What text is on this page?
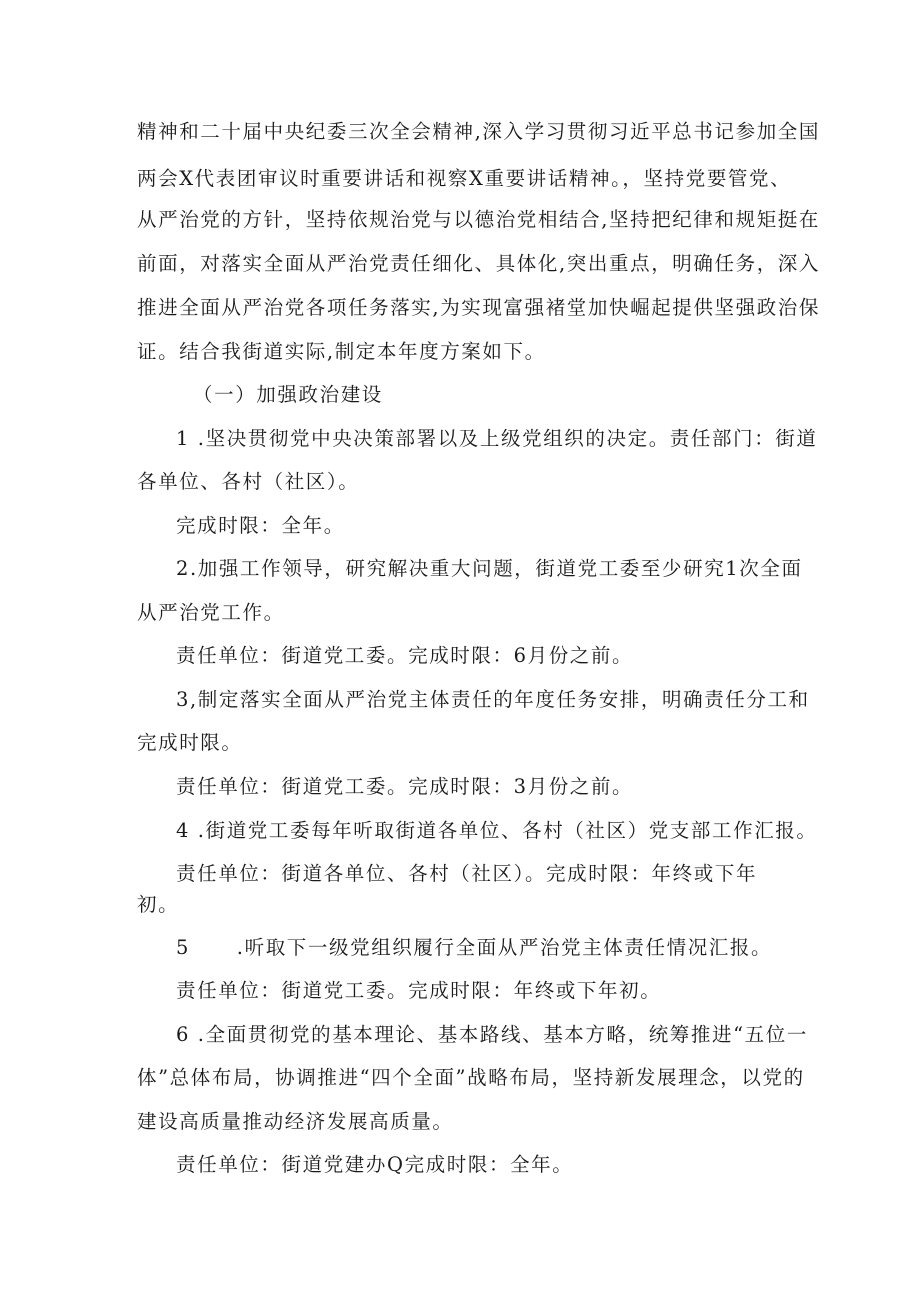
精神和二十届中央纪委三次全会精神,深入学习贯彻习近平总书记参加全国
两会X代表团审议时重要讲话和视察X重要讲话精神。，坚持党要管党、
从严治党的方针，坚持依规治党与以德治党相结合,坚持把纪律和规矩挺在
前面，对落实全面从严治党责任细化、具体化,突出重点，明确任务，深入
推进全面从严治党各项任务落实,为实现富强褚堂加快崛起提供坚强政治保
证。结合我街道实际,制定本年度方案如下。
（一）加强政治建设
1 .坚决贯彻党中央决策部署以及上级党组织的决定。责任部门：街道
各单位、各村（社区）。
完成时限：全年。
2.加强工作领导，研究解决重大问题，街道党工委至少研究1次全面
从严治党工作。
责任单位：街道党工委。完成时限：6月份之前。
3,制定落实全面从严治党主体责任的年度任务安排，明确责任分工和
完成时限。
责任单位：街道党工委。完成时限：3月份之前。
4 .街道党工委每年听取街道各单位、各村（社区）党支部工作汇报。
责任单位：街道各单位、各村（社区）。完成时限：年终或下年
初。
5      .听取下一级党组织履行全面从严治党主体责任情况汇报。
责任单位：街道党工委。完成时限：年终或下年初。
6 .全面贯彻党的基本理论、基本路线、基本方略，统筹推进“五位一
体”总体布局，协调推进“四个全面”战略布局，坚持新发展理念，以党的
建设高质量推动经济发展高质量。
责任单位：街道党建办Q完成时限：全年。
